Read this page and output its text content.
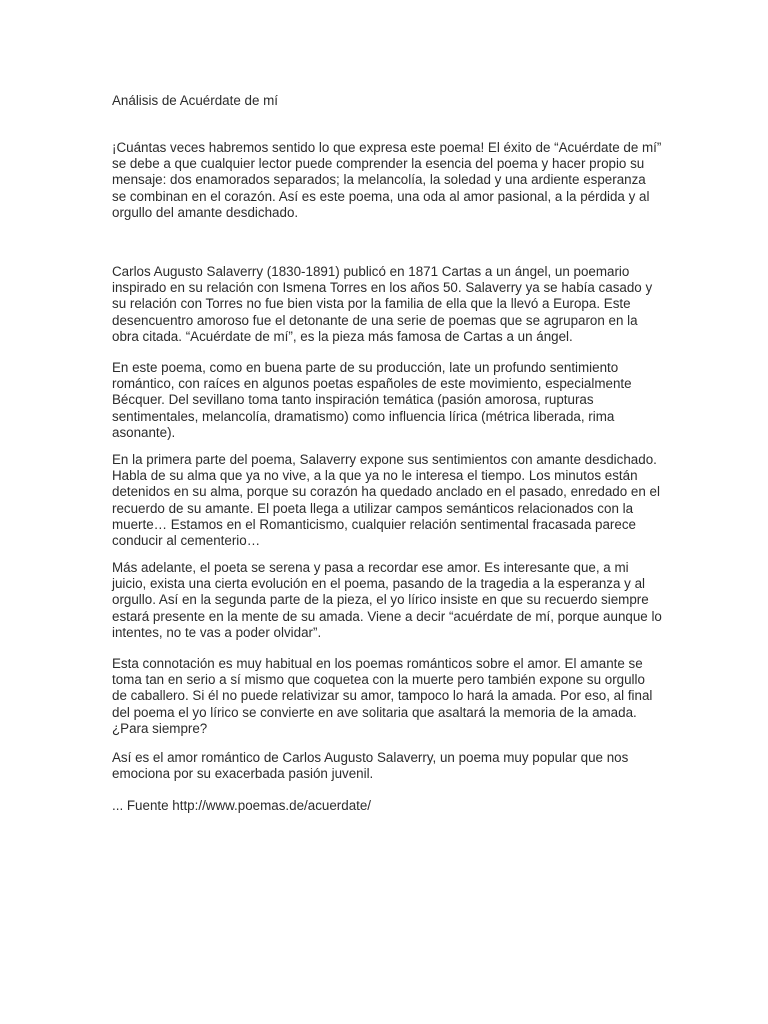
Análisis de Acuérdate de mí
¡Cuántas veces habremos sentido lo que expresa este poema! El éxito de “Acuérdate de mí”
se debe a que cualquier lector puede comprender la esencia del poema y hacer propio su
mensaje: dos enamorados separados; la melancolía, la soledad y una ardiente esperanza
se combinan en el corazón. Así es este poema, una oda al amor pasional, a la pérdida y al
orgullo del amante desdichado.
Carlos Augusto Salaverry (1830-1891) publicó en 1871 Cartas a un ángel, un poemario
inspirado en su relación con Ismena Torres en los años 50. Salaverry ya se había casado y
su relación con Torres no fue bien vista por la familia de ella que la llevó a Europa. Este
desencuentro amoroso fue el detonante de una serie de poemas que se agruparon en la
obra citada. “Acuérdate de mí”, es la pieza más famosa de Cartas a un ángel.
En este poema, como en buena parte de su producción, late un profundo sentimiento
romántico, con raíces en algunos poetas españoles de este movimiento, especialmente
Bécquer. Del sevillano toma tanto inspiración temática (pasión amorosa, rupturas
sentimentales, melancolía, dramatismo) como influencia lírica (métrica liberada, rima
asonante).
En la primera parte del poema, Salaverry expone sus sentimientos con amante desdichado.
Habla de su alma que ya no vive, a la que ya no le interesa el tiempo. Los minutos están
detenidos en su alma, porque su corazón ha quedado anclado en el pasado, enredado en el
recuerdo de su amante. El poeta llega a utilizar campos semánticos relacionados con la
muerte… Estamos en el Romanticismo, cualquier relación sentimental fracasada parece
conducir al cementerio…
Más adelante, el poeta se serena y pasa a recordar ese amor. Es interesante que, a mi
juicio, exista una cierta evolución en el poema, pasando de la tragedia a la esperanza y al
orgullo. Así en la segunda parte de la pieza, el yo lírico insiste en que su recuerdo siempre
estará presente en la mente de su amada. Viene a decir “acuérdate de mí, porque aunque lo
intentes, no te vas a poder olvidar”.
Esta connotación es muy habitual en los poemas románticos sobre el amor. El amante se
toma tan en serio a sí mismo que coquetea con la muerte pero también expone su orgullo
de caballero. Si él no puede relativizar su amor, tampoco lo hará la amada. Por eso, al final
del poema el yo lírico se convierte en ave solitaria que asaltará la memoria de la amada.
¿Para siempre?
Así es el amor romántico de Carlos Augusto Salaverry, un poema muy popular que nos
emociona por su exacerbada pasión juvenil.
... Fuente http://www.poemas.de/acuerdate/
